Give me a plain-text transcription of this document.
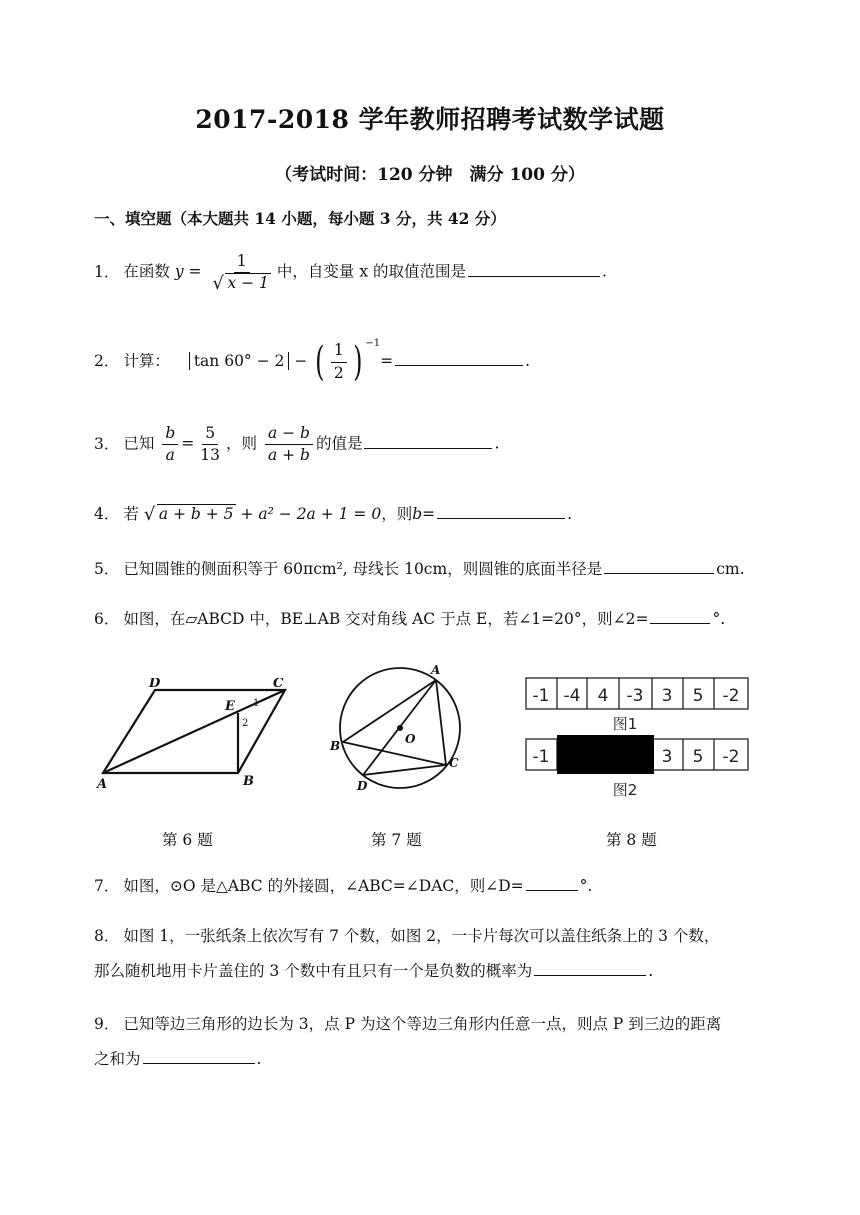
2017-2018 学年教师招聘考试数学试题
（考试时间：120 分钟　满分 100 分）
一、填空题（本大题共 14 小题，每小题 3 分，共 42 分）
1． 在函数 $y = \frac{1}{√ x - 1}$ 中，自变量 x 的取值范围是	.
2． 计算： tan 60° − 2 − ( $\frac{1}{2}$ ) $^{-1}$=	.
3． 已知 $\frac{b}{a} = \frac{5}{13}$ ，则 $\frac{a - b}{a + b}$ 的值是	.
4． 若 √ a + b + 5 + a² − 2a + 1 = 0，则b=	.
5． 已知圆锥的侧面积等于 60πcm², 母线长 10cm，则圆锥的底面半径是	cm.
6． 如图，在▱ABCD 中，BE⊥AB 交对角线 AC 于点 E，若∠1=20°，则∠2=	°.
D	C
E 1
2
A	B
A
O
B
D
C
-1 -4 4 -3 3 5 -2
-1	3 5 -2
图1
图2
第 6 题	第 7 题	第 8 题
7． 如图，⊙O 是△ABC 的外接圆，∠ABC=∠DAC，则∠D=	°.
8． 如图 1，一张纸条上依次写有 7 个数，如图 2，一卡片每次可以盖住纸条上的 3 个数，
那么随机地用卡片盖住的 3 个数中有且只有一个是负数的概率为	.
9． 已知等边三角形的边长为 3，点 P 为这个等边三角形内任意一点，则点 P 到三边的距离
之和为	.
